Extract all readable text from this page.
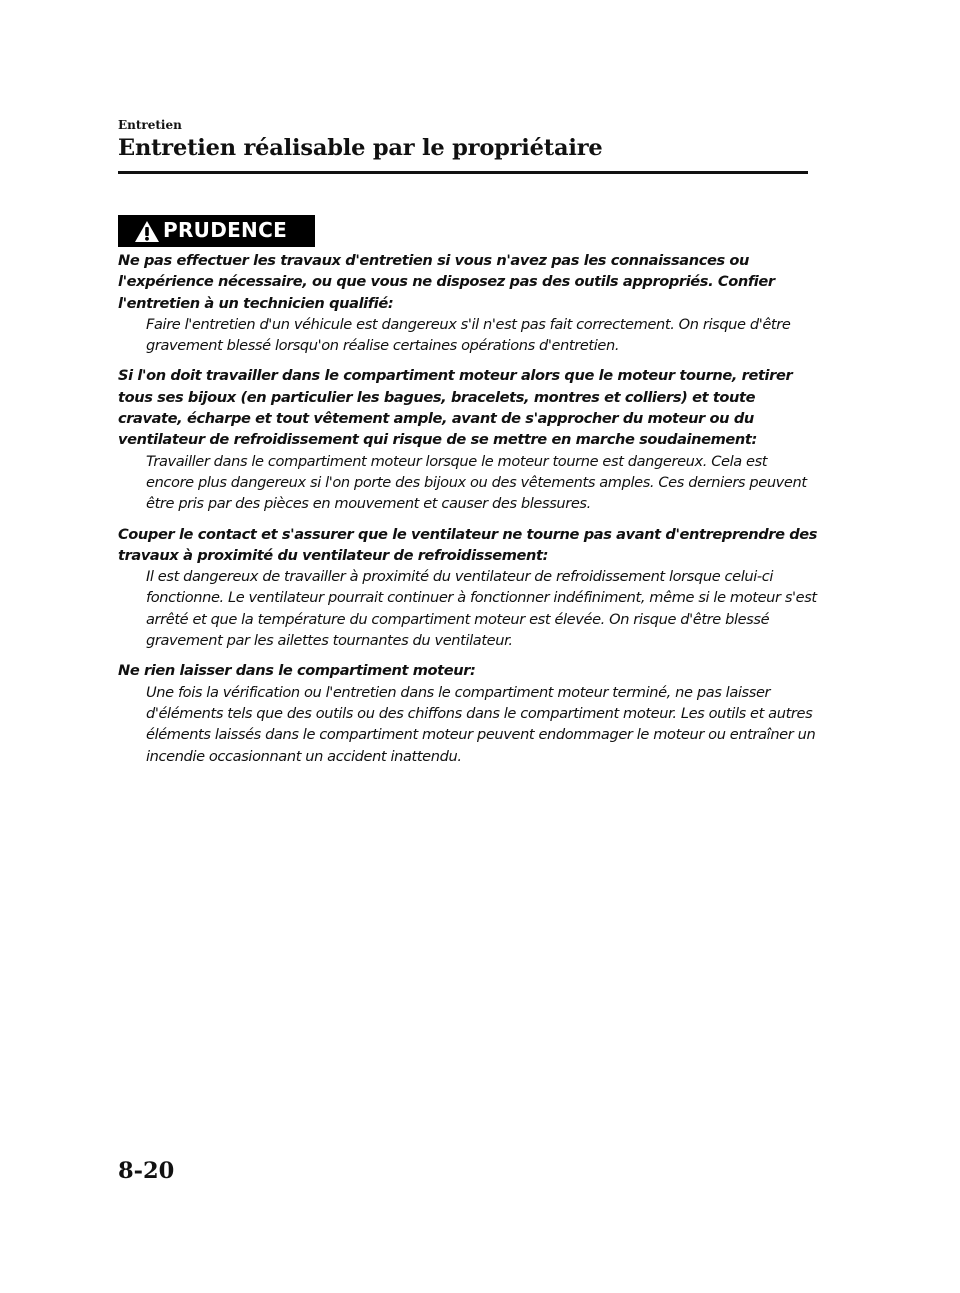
Entretien
Entretien réalisable par le propriétaire
PRUDENCE

Ne pas effectuer les travaux d'entretien si vous n'avez pas les connaissances ou l'expérience nécessaire, ou que vous ne disposez pas des outils appropriés. Confier l'entretien à un technicien qualifié:

Faire l'entretien d'un véhicule est dangereux s'il n'est pas fait correctement. On risque d'être gravement blessé lorsqu'on réalise certaines opérations d'entretien.

Si l'on doit travailler dans le compartiment moteur alors que le moteur tourne, retirer tous ses bijoux (en particulier les bagues, bracelets, montres et colliers) et toute cravate, écharpe et tout vêtement ample, avant de s'approcher du moteur ou du ventilateur de refroidissement qui risque de se mettre en marche soudainement:

Travailler dans le compartiment moteur lorsque le moteur tourne est dangereux. Cela est encore plus dangereux si l'on porte des bijoux ou des vêtements amples. Ces derniers peuvent être pris par des pièces en mouvement et causer des blessures.

Couper le contact et s'assurer que le ventilateur ne tourne pas avant d'entreprendre des travaux à proximité du ventilateur de refroidissement:

Il est dangereux de travailler à proximité du ventilateur de refroidissement lorsque celui-ci fonctionne. Le ventilateur pourrait continuer à fonctionner indéfiniment, même si le moteur s'est arrêté et que la température du compartiment moteur est élevée. On risque d'être blessé gravement par les ailettes tournantes du ventilateur.

Ne rien laisser dans le compartiment moteur:

Une fois la vérification ou l'entretien dans le compartiment moteur terminé, ne pas laisser d'éléments tels que des outils ou des chiffons dans le compartiment moteur. Les outils et autres éléments laissés dans le compartiment moteur peuvent endommager le moteur ou entraîner un incendie occasionnant un accident inattendu.

8-20
